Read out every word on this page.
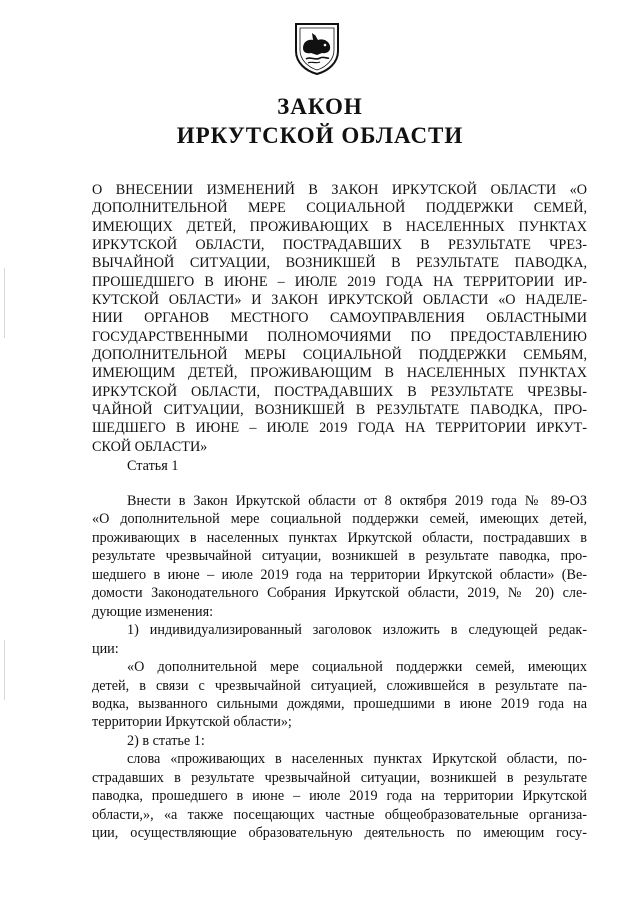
ЗАКОН
ИРКУТСКОЙ ОБЛАСТИ
О ВНЕСЕНИИ ИЗМЕНЕНИЙ В ЗАКОН ИРКУТСКОЙ ОБЛАСТИ «О
ДОПОЛНИТЕЛЬНОЙ МЕРЕ СОЦИАЛЬНОЙ ПОДДЕРЖКИ СЕМЕЙ,
ИМЕЮЩИХ ДЕТЕЙ, ПРОЖИВАЮЩИХ В НАСЕЛЕННЫХ ПУНКТАХ
ИРКУТСКОЙ ОБЛАСТИ, ПОСТРАДАВШИХ В РЕЗУЛЬТАТЕ ЧРЕЗ-
ВЫЧАЙНОЙ СИТУАЦИИ, ВОЗНИКШЕЙ В РЕЗУЛЬТАТЕ ПАВОДКА,
ПРОШЕДШЕГО В ИЮНЕ – ИЮЛЕ 2019 ГОДА НА ТЕРРИТОРИИ ИР-
КУТСКОЙ ОБЛАСТИ» И ЗАКОН ИРКУТСКОЙ ОБЛАСТИ «О НАДЕЛЕ-
НИИ ОРГАНОВ МЕСТНОГО САМОУПРАВЛЕНИЯ ОБЛАСТНЫМИ
ГОСУДАРСТВЕННЫМИ ПОЛНОМОЧИЯМИ ПО ПРЕДОСТАВЛЕНИЮ
ДОПОЛНИТЕЛЬНОЙ МЕРЫ СОЦИАЛЬНОЙ ПОДДЕРЖКИ СЕМЬЯМ,
ИМЕЮЩИМ ДЕТЕЙ, ПРОЖИВАЮЩИМ В НАСЕЛЕННЫХ ПУНКТАХ
ИРКУТСКОЙ ОБЛАСТИ, ПОСТРАДАВШИХ В РЕЗУЛЬТАТЕ ЧРЕЗВЫ-
ЧАЙНОЙ СИТУАЦИИ, ВОЗНИКШЕЙ В РЕЗУЛЬТАТЕ ПАВОДКА, ПРО-
ШЕДШЕГО В ИЮНЕ – ИЮЛЕ 2019 ГОДА НА ТЕРРИТОРИИ ИРКУТ-
СКОЙ ОБЛАСТИ»
Статья 1
Внести в Закон Иркутской области от 8 октября 2019 года № 89-ОЗ
«О дополнительной мере социальной поддержки семей, имеющих детей,
проживающих в населенных пунктах Иркутской области, пострадавших в
результате чрезвычайной ситуации, возникшей в результате паводка, про-
шедшего в июне – июле 2019 года на территории Иркутской области» (Ве-
домости Законодательного Собрания Иркутской области, 2019, № 20) сле-
дующие изменения:
1) индивидуализированный заголовок изложить в следующей редак-
ции:
«О дополнительной мере социальной поддержки семей, имеющих
детей, в связи с чрезвычайной ситуацией, сложившейся в результате па-
водка, вызванного сильными дождями, прошедшими в июне 2019 года на
территории Иркутской области»;
2) в статье 1:
слова «проживающих в населенных пунктах Иркутской области, по-
страдавших в результате чрезвычайной ситуации, возникшей в результате
паводка, прошедшего в июне – июле 2019 года на территории Иркутской
области,», «а также посещающих частные общеобразовательные организа-
ции, осуществляющие образовательную деятельность по имеющим госу-
